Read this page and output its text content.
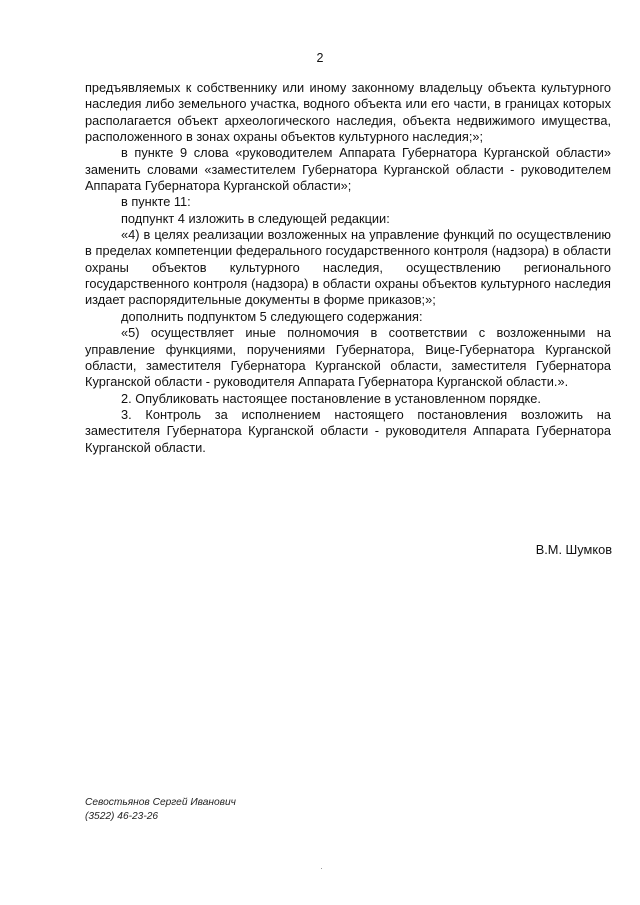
2

предъявляемых к собственнику или иному законному владельцу объекта культурного наследия либо земельного участка, водного объекта или его части, в границах которых располагается объект археологического наследия, объекта недвижимого имущества, расположенного в зонах охраны объектов культурного наследия;»;

в пункте 9 слова «руководителем Аппарата Губернатора Курганской области» заменить словами «заместителем Губернатора Курганской области - руководителем Аппарата Губернатора Курганской области»;

в пункте 11:

подпункт 4 изложить в следующей редакции:

«4) в целях реализации возложенных на управление функций по осуществлению в пределах компетенции федерального государственного контроля (надзора) в области охраны объектов культурного наследия, осуществлению регионального государственного контроля (надзора) в области охраны объектов культурного наследия издает распорядительные документы в форме приказов;»;

дополнить подпунктом 5 следующего содержания:

«5) осуществляет иные полномочия в соответствии с возложенными на управление функциями, поручениями Губернатора, Вице-Губернатора Курганской области, заместителя Губернатора Курганской области, заместителя Губернатора Курганской области - руководителя Аппарата Губернатора Курганской области.».

2. Опубликовать настоящее постановление в установленном порядке.

3. Контроль за исполнением настоящего постановления возложить на заместителя Губернатора Курганской области - руководителя Аппарата Губернатора Курганской области.

В.М. Шумков
Севостьянов Сергей Иванович
(3522) 46-23-26
